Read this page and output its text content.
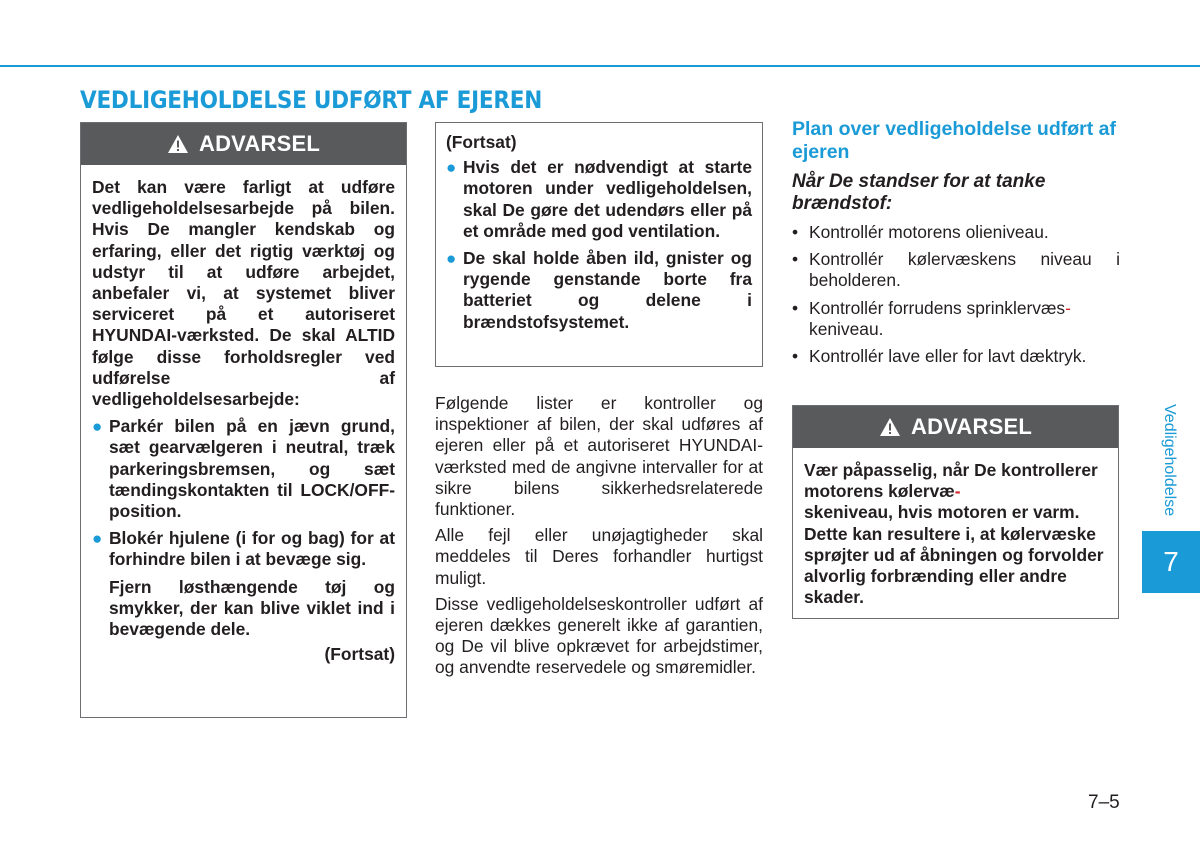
VEDLIGEHOLDELSE UDFØRT AF EJEREN
ADVARSEL

Det kan være farligt at udføre vedligeholdelsesarbejde på bilen. Hvis De mangler kendskab og erfaring, eller det rigtig værktøj og udstyr til at udføre arbejdet, anbefaler vi, at systemet bliver serviceret på et autoriseret HYUNDAI-værksted. De skal ALTID følge disse forholdsregler ved udførelse af vedligeholdelsesarbejde:

● Parkér bilen på en jævn grund, sæt gearvælgeren i neutral, træk parkeringsbremsen, og sæt tændingskontakten til LOCK/OFF-position.
● Blokér hjulene (i for og bag) for at forhindre bilen i at bevæge sig.

Fjern løsthængende tøj og smykker, der kan blive viklet ind i bevægende dele.

(Fortsat)

(Fortsat)

● Hvis det er nødvendigt at starte motoren under vedligeholdelsen, skal De gøre det udendørs eller på et område med god ventilation.
● De skal holde åben ild, gnister og rygende genstande borte fra batteriet og delene i brændstofsystemet.

Følgende lister er kontroller og inspektioner af bilen, der skal udføres af ejeren eller på et autoriseret HYUNDAI-værksted med de angivne intervaller for at sikre bilens sikkerhedsrelaterede funktioner.

Alle fejl eller unøjagtigheder skal meddeles til Deres forhandler hurtigst muligt.

Disse vedligeholdelseskontroller udført af ejeren dækkes generelt ikke af garantien, og De vil blive opkrævet for arbejdstimer, og anvendte reservedele og smøremidler.

Plan over vedligeholdelse udført af ejeren
Når De standser for at tanke brændstof:
• Kontrollér motorens olieniveau.
• Kontrollér kølervæskens niveau i beholderen.
• Kontrollér forrudens sprinklervæs-
keniveau.
• Kontrollér lave eller for lavt dæktryk.
ADVARSEL

Vær påpasselig, når De kontrollerer motorens kølervæ-
skeniveau, hvis motoren er varm. Dette kan resultere i, at kølervæske sprøjter ud af åbningen og forvolder alvorlig forbrænding eller andre skader.

Vedligeholdelse
7
7–5
